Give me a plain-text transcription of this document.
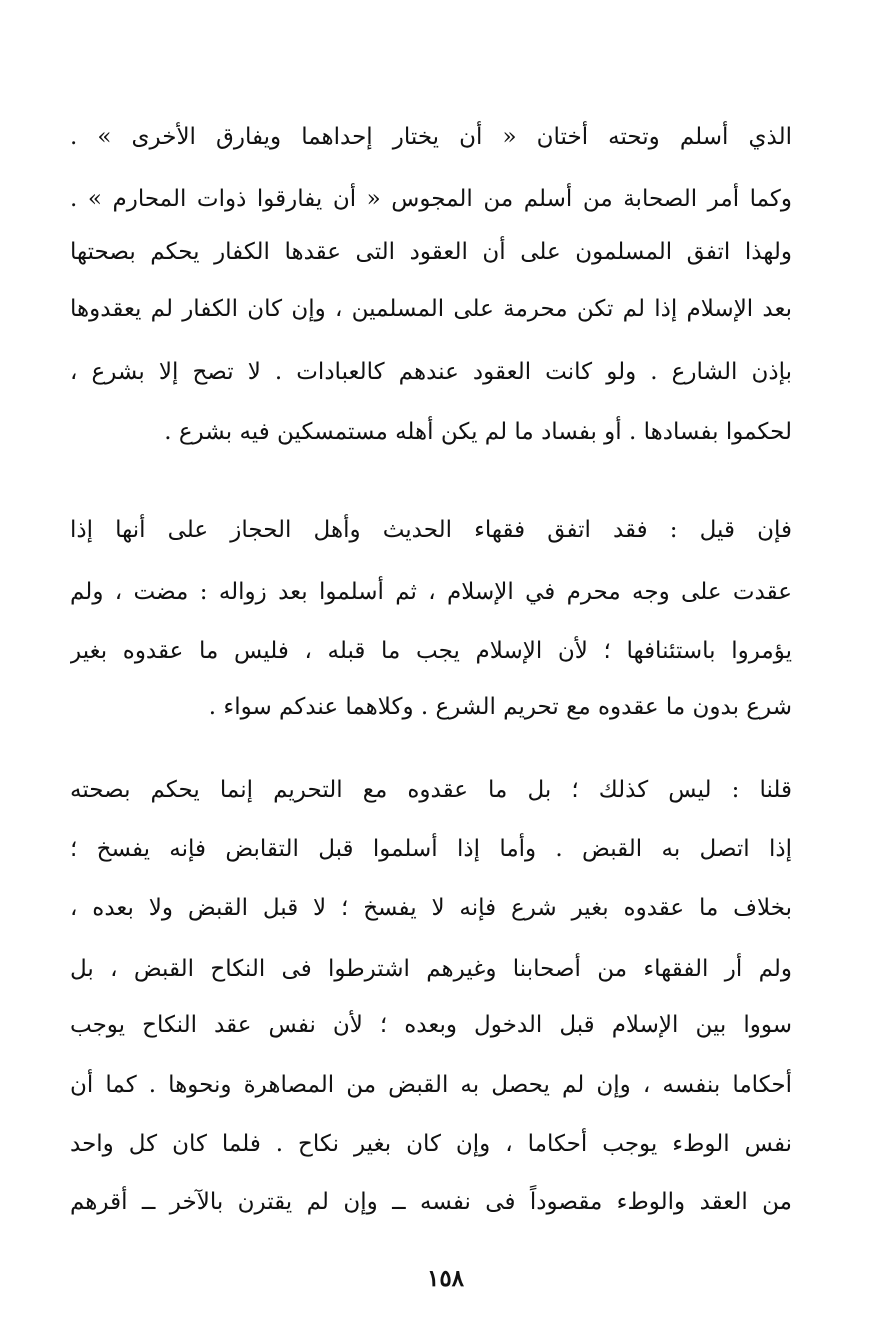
الذي أسلم وتحته أختان « أن يختار إحداهما ويفارق الأخرى » .
وكما أمر الصحابة من أسلم من المجوس « أن يفارقوا ذوات المحارم » .
ولهذا اتفق المسلمون على أن العقود التى عقدها الكفار يحكم بصحتها
بعد الإسلام إذا لم تكن محرمة على المسلمين ، وإن كان الكفار لم يعقدوها
بإذن الشارع . ولو كانت العقود عندهم كالعبادات . لا تصح إلا بشرع ،
لحكموا بفسادها . أو بفساد ما لم يكن أهله مستمسكين فيه بشرع .
فإن قيل : فقد اتفق فقهاء الحديث وأهل الحجاز على أنها إذا
عقدت على وجه محرم في الإسلام ، ثم أسلموا بعد زواله : مضت ، ولم
يؤمروا باستئنافها ؛ لأن الإسلام يجب ما قبله ، فليس ما عقدوه بغير
شرع بدون ما عقدوه مع تحريم الشرع . وكلاهما عندكم سواء .
قلنا : ليس كذلك ؛ بل ما عقدوه مع التحريم إنما يحكم بصحته
إذا اتصل به القبض . وأما إذا أسلموا قبل التقابض فإنه يفسخ ؛
بخلاف ما عقدوه بغير شرع فإنه لا يفسخ ؛ لا قبل القبض ولا بعده ،
ولم أر الفقهاء من أصحابنا وغيرهم اشترطوا فى النكاح القبض ، بل
سووا بين الإسلام قبل الدخول وبعده ؛ لأن نفس عقد النكاح يوجب
أحكاما بنفسه ، وإن لم يحصل به القبض من المصاهرة ونحوها . كما أن
نفس الوطء يوجب أحكاما ، وإن كان بغير نكاح . فلما كان كل واحد
من العقد والوطء مقصوداً فى نفسه ــ وإن لم يقترن بالآخر ــ أقرهم
١٥٨
